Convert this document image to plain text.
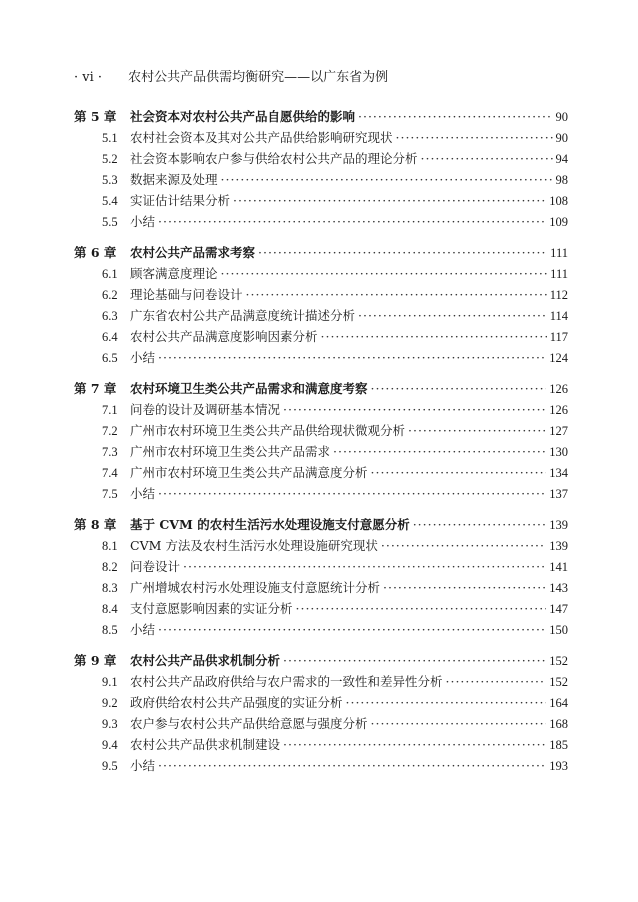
· vi · 农村公共产品供需均衡研究——以广东省为例
第 5 章	社会资本对农村公共产品自愿供给的影响 ·····	90
5.1 农村社会资本及其对公共产品供给影响研究现状 ·····	90
5.2 社会资本影响农户参与供给农村公共产品的理论分析 ·····	94
5.3 数据来源及处理 ·····	98
5.4 实证估计结果分析 ·····	108
5.5 小结 ·····	109
第 6 章	农村公共产品需求考察 ·····	111
6.1 顾客满意度理论 ·····	111
6.2 理论基础与问卷设计 ·····	112
6.3 广东省农村公共产品满意度统计描述分析 ·····	114
6.4 农村公共产品满意度影响因素分析 ·····	117
6.5 小结 ·····	124
第 7 章	农村环境卫生类公共产品需求和满意度考察 ·····	126
7.1 问卷的设计及调研基本情况 ·····	126
7.2 广州市农村环境卫生类公共产品供给现状微观分析 ·····	127
7.3 广州市农村环境卫生类公共产品需求 ·····	130
7.4 广州市农村环境卫生类公共产品满意度分析 ·····	134
7.5 小结 ·····	137
第 8 章	基于 CVM 的农村生活污水处理设施支付意愿分析 ·····	139
8.1 CVM 方法及农村生活污水处理设施研究现状 ·····	139
8.2 问卷设计 ·····	141
8.3 广州增城农村污水处理设施支付意愿统计分析 ·····	143
8.4 支付意愿影响因素的实证分析 ·····	147
8.5 小结 ·····	150
第 9 章	农村公共产品供求机制分析 ·····	152
9.1 农村公共产品政府供给与农户需求的一致性和差异性分析 ·····	152
9.2 政府供给农村公共产品强度的实证分析 ·····	164
9.3 农户参与农村公共产品供给意愿与强度分析 ·····	168
9.4 农村公共产品供求机制建设 ·····	185
9.5 小结 ·····	193
